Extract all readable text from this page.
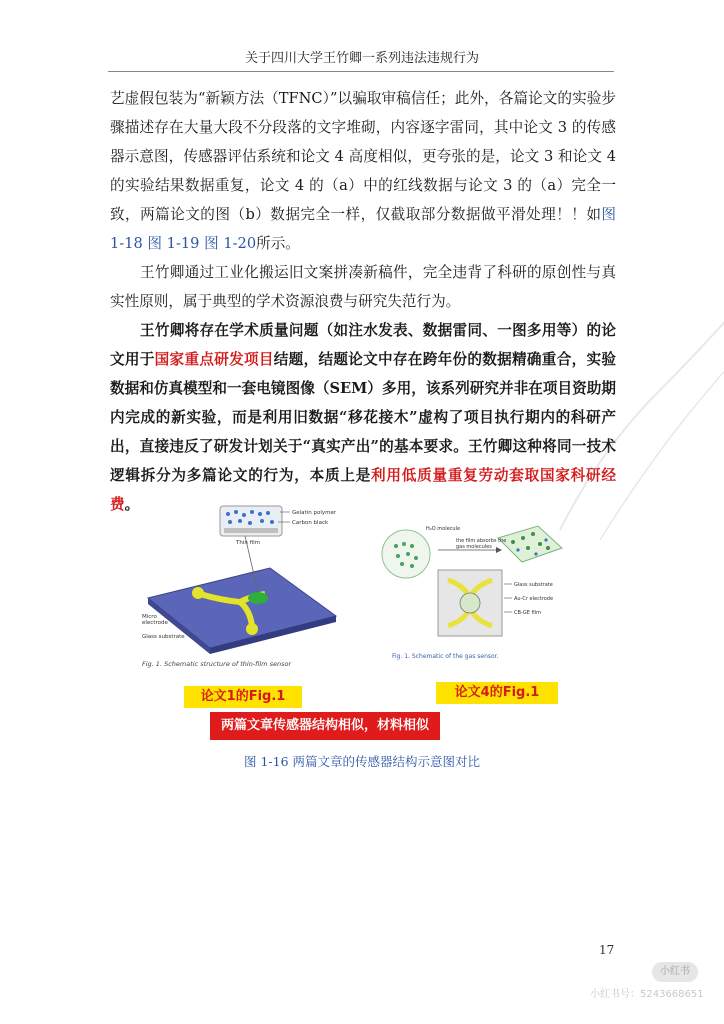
关于四川大学王竹卿一系列违法违规行为

艺虚假包装为“新颖方法（TFNC）”以骗取审稿信任；此外，各篇论文的实验步骤描述存在大量大段不分段落的文字堆砌，内容逐字雷同，其中论文 3 的传感器示意图，传感器评估系统和论文 4 高度相似，更夸张的是，论文 3 和论文 4 的实验结果数据重复，论文 4 的（a）中的红线数据与论文 3 的（a）完全一致，两篇论文的图（b）数据完全一样，仅截取部分数据做平滑处理！！如图 1-18 图 1-19 图 1-20所示。

王竹卿通过工业化搬运旧文案拼凑新稿件，完全违背了科研的原创性与真实性原则，属于典型的学术资源浪费与研究失范行为。

王竹卿将存在学术质量问题（如注水发表、数据雷同、一图多用等）的论文用于国家重点研发项目结题，结题论文中存在跨年份的数据精确重合，实验数据和仿真模型和一套电镜图像（SEM）多用，该系列研究并非在项目资助期内完成的新实验，而是利用旧数据“移花接木”虚构了项目执行期内的科研产出，直接违反了研发计划关于“真实产出”的基本要求。王竹卿这种将同一技术逻辑拆分为多篇论文的行为，本质上是利用低质量重复劳动套取国家科研经费。	Gelatin polymer
Carbon black
Thin film
Micro electrode
Glass substrate
Fig. 1. Schematic structure of thin-film sensor
H₂O molecule
the film absorbs the gas molecules
Glass substrate
Au-Cr electrode
CB-GE film
Fig. 1. Schematic of the gas sensor.
论文1的Fig.1	论文4的Fig.1
两篇文章传感器结构相似，材料相似
图 1-16 两篇文章的传感器结构示意图对比
17
小红书
小红书号：5243668651
